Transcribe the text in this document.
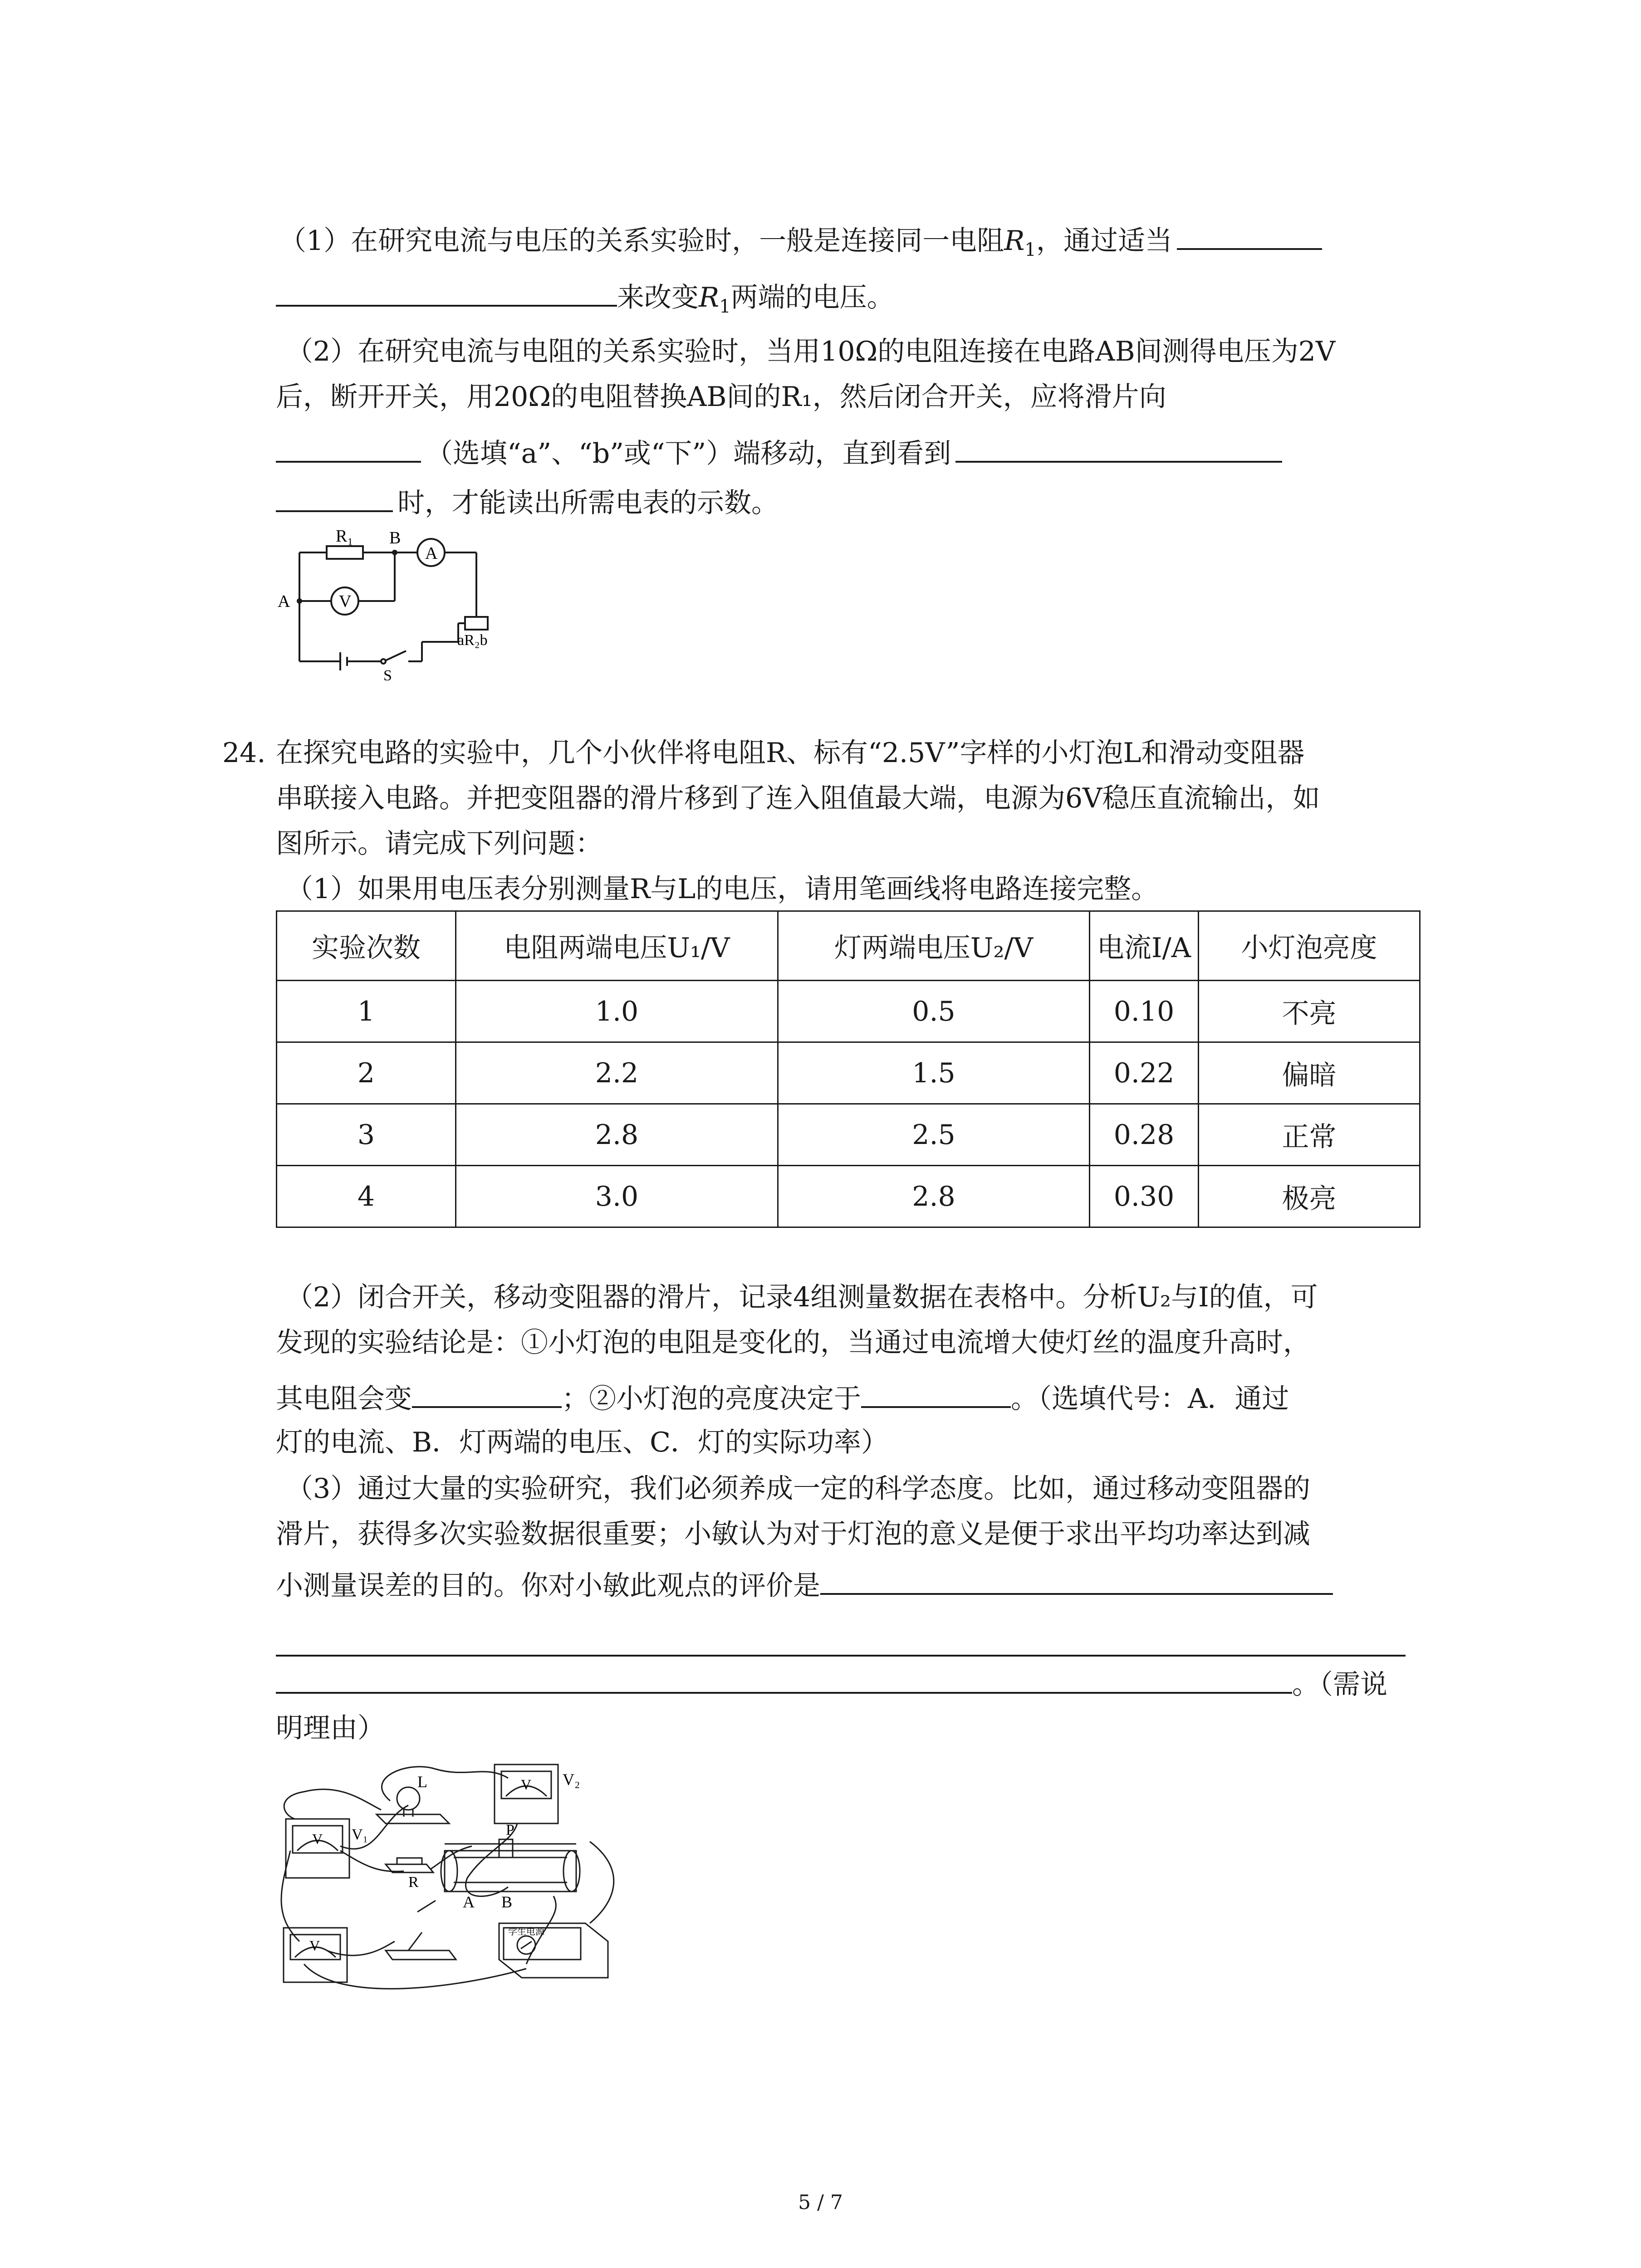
（1）在研究电流与电压的关系实验时，一般是连接同一电阻$R_1$，通过适当
来改变$R_1$两端的电压。
（2）在研究电流与电阻的关系实验时，当用10Ω的电阻连接在电路AB间测得电压为2V
后，断开开关，用20Ω的电阻替换AB间的R₁，然后闭合开关，应将滑片向
（选填“a”、“b”或“下”）端移动，直到看到
时，才能读出所需电表的示数。
R₁ B
A
V
A
aR₂b
S
24. 在探究电路的实验中，几个小伙伴将电阻R、标有“2.5V”字样的小灯泡L和滑动变阻器
串联接入电路。并把变阻器的滑片移到了连入阻值最大端，电源为6V稳压直流输出，如
图所示。请完成下列问题：
（1）如果用电压表分别测量R与L的电压，请用笔画线将电路连接完整。
实验次数	电阻两端电压U₁/V	灯两端电压U₂/V	电流I/A	小灯泡亮度
1	1.0	0.5	0.10	不亮
2	2.2	1.5	0.22	偏暗
3	2.8	2.5	0.28	正常
4	3.0	2.8	0.30	极亮
（2）闭合开关，移动变阻器的滑片，记录4组测量数据在表格中。分析U₂与I的值，可
发现的实验结论是：①小灯泡的电阻是变化的，当通过电流增大使灯丝的温度升高时，
其电阻会变	；②小灯泡的亮度决定于	。（选填代号：A．通过
灯的电流、B．灯两端的电压、C．灯的实际功率）
（3）通过大量的实验研究，我们必须养成一定的科学态度。比如，通过移动变阻器的
滑片，获得多次实验数据很重要；小敏认为对于灯泡的意义是便于求出平均功率达到减
小测量误差的目的。你对小敏此观点的评价是
。（需说
明理由）
L	V₂
V
V₁
V
V
P
R
A B
学生电源
5 / 7
